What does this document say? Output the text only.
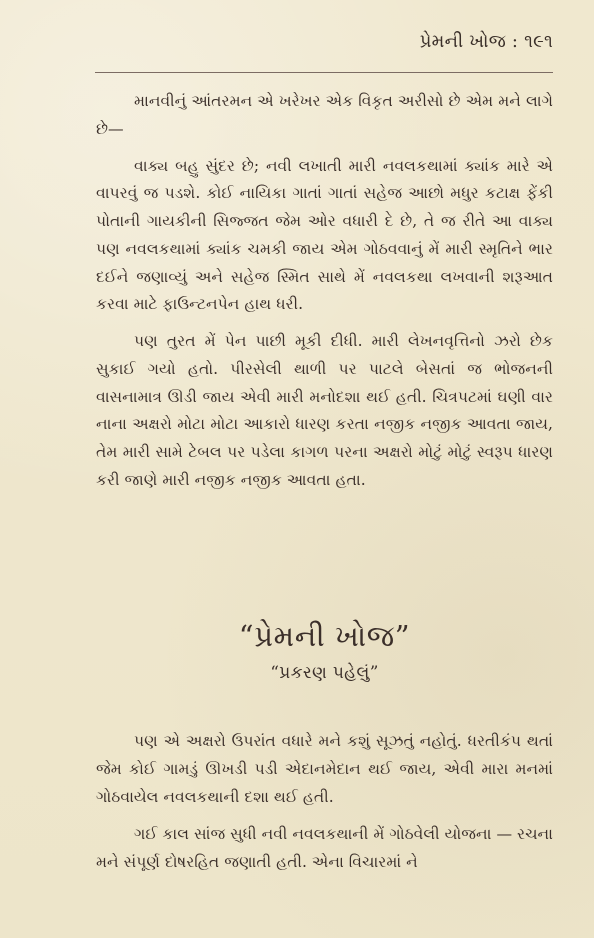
પ્રેમની ખોજ : ૧૯૧

માનવીનું આંતરમન એ ખરેખર એક વિકૃત અરીસો છે એમ મને લાગે છે—

વાક્ય બહુ સુંદર છે; નવી લખાતી મારી નવલકથામાં ક્યાંક મારે એ વાપરવું જ પડશે. કોઈ નાયિકા ગાતાં ગાતાં સહેજ આછો મધુર કટાક્ષ ફેંકી પોતાની ગાયકીની સિજ્જત જેમ ઓર વધારી દે છે, તે જ રીતે આ વાક્ય પણ નવલકથામાં ક્યાંક ચમકી જાય એમ ગોઠવવાનું મેં મારી સ્મૃતિને ભાર દઈને જણાવ્યું અને સહેજ સ્મિત સાથે મેં નવલકથા લખવાની શરૂઆત કરવા માટે ફાઉન્ટનપેન હાથ ધરી.

પણ તુરત મેં પેન પાછી મૂકી દીધી. મારી લેખનવૃત્તિનો ઝરો છેક સુકાઈ ગયો હતો. પીરસેલી થાળી પર પાટલે બેસતાં જ ભોજનની વાસનામાત્ર ઊડી જાય એવી મારી મનોદશા થઈ હતી. ચિત્રપટમાં ઘણી વાર નાના અક્ષરો મોટા મોટા આકારો ધારણ કરતા નજીક નજીક આવતા જાય, તેમ મારી સામે ટેબલ પર પડેલા કાગળ પરના અક્ષરો મોટું મોટું સ્વરૂપ ધારણ કરી જાણે મારી નજીક નજીક આવતા હતા.

“પ્રેમની ખોજ”
“પ્રકરણ પહેલું”

પણ એ અક્ષરો ઉપરાંત વધારે મને કશું સૂઝતું નહોતું. ધરતીકંપ થતાં જેમ કોઈ ગામડું ઊખડી પડી એદાનમેદાન થઈ જાય, એવી મારા મનમાં ગોઠવાયેલ નવલકથાની દશા થઈ હતી.

ગઈ કાલ સાંજ સુધી નવી નવલકથાની મેં ગોઠવેલી યોજના — રચના મને સંપૂર્ણ દોષરહિત જણાતી હતી. એના વિચારમાં ને
